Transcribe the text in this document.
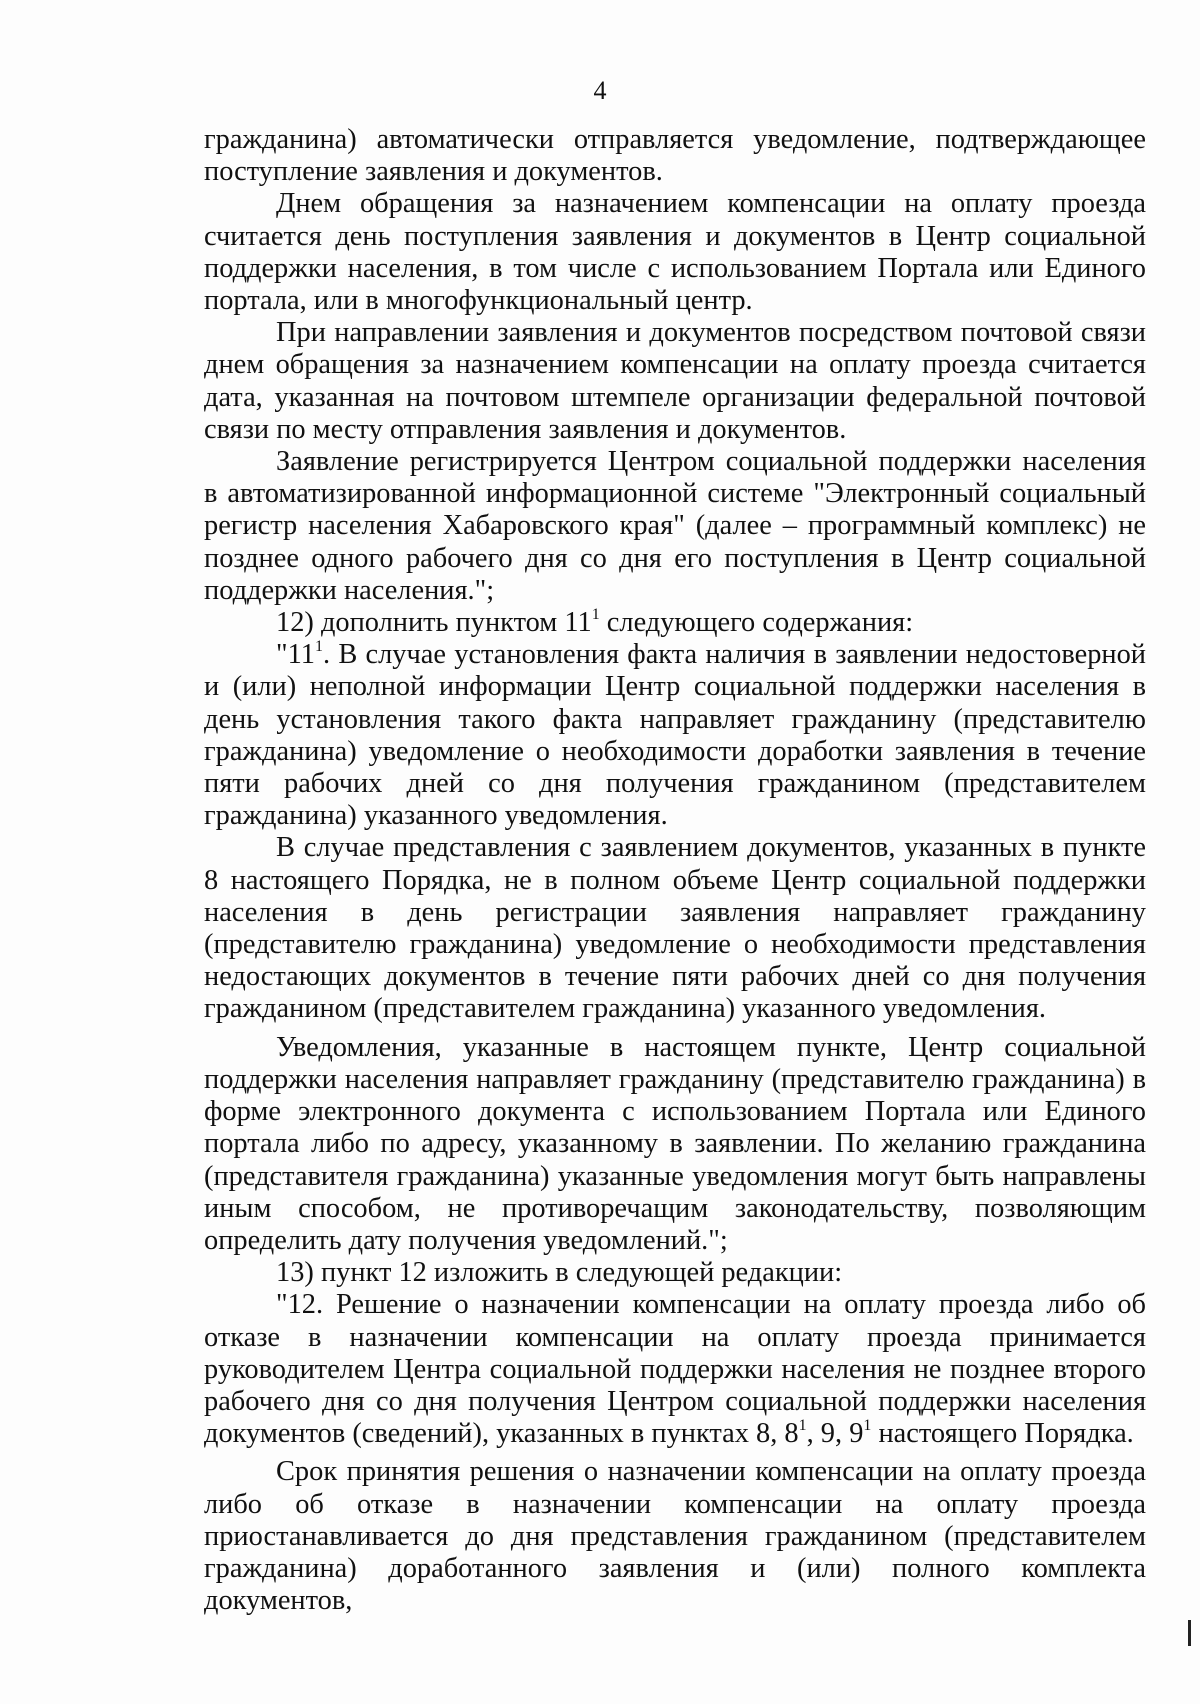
4

гражданина) автоматически отправляется уведомление, подтверждающее поступление заявления и документов.

Днем обращения за назначением компенсации на оплату проезда считается день поступления заявления и документов в Центр социальной поддержки населения, в том числе с использованием Портала или Единого портала, или в многофункциональный центр.

При направлении заявления и документов посредством почтовой связи днем обращения за назначением компенсации на оплату проезда считается дата, указанная на почтовом штемпеле организации федеральной почтовой связи по месту отправления заявления и документов.

Заявление регистрируется Центром социальной поддержки населения в автоматизированной информационной системе "Электронный социальный регистр населения Хабаровского края" (далее – программный комплекс) не позднее одного рабочего дня со дня его поступления в Центр социальной поддержки населения.";

12) дополнить пунктом $11^1$ следующего содержания:

"$11^1$. В случае установления факта наличия в заявлении недостоверной и (или) неполной информации Центр социальной поддержки населения в день установления такого факта направляет гражданину (представителю гражданина) уведомление о необходимости доработки заявления в течение пяти рабочих дней со дня получения гражданином (представителем гражданина) указанного уведомления.

В случае представления с заявлением документов, указанных в пункте 8 настоящего Порядка, не в полном объеме Центр социальной поддержки населения в день регистрации заявления направляет гражданину (представителю гражданина) уведомление о необходимости представления недостающих документов в течение пяти рабочих дней со дня получения гражданином (представителем гражданина) указанного уведомления.

Уведомления, указанные в настоящем пункте, Центр социальной поддержки населения направляет гражданину (представителю гражданина) в форме электронного документа с использованием Портала или Единого портала либо по адресу, указанному в заявлении. По желанию гражданина (представителя гражданина) указанные уведомления могут быть направлены иным способом, не противоречащим законодательству, позволяющим определить дату получения уведомлений.";

13) пункт 12 изложить в следующей редакции:

"12. Решение о назначении компенсации на оплату проезда либо об отказе в назначении компенсации на оплату проезда принимается руководителем Центра социальной поддержки населения не позднее второго рабочего дня со дня получения Центром социальной поддержки населения документов (сведений), указанных в пунктах 8, $8^1$, 9, $9^1$ настоящего Порядка.

Срок принятия решения о назначении компенсации на оплату проезда либо об отказе в назначении компенсации на оплату проезда приостанавливается до дня представления гражданином (представителем гражданина) доработанного заявления и (или) полного комплекта документов,
